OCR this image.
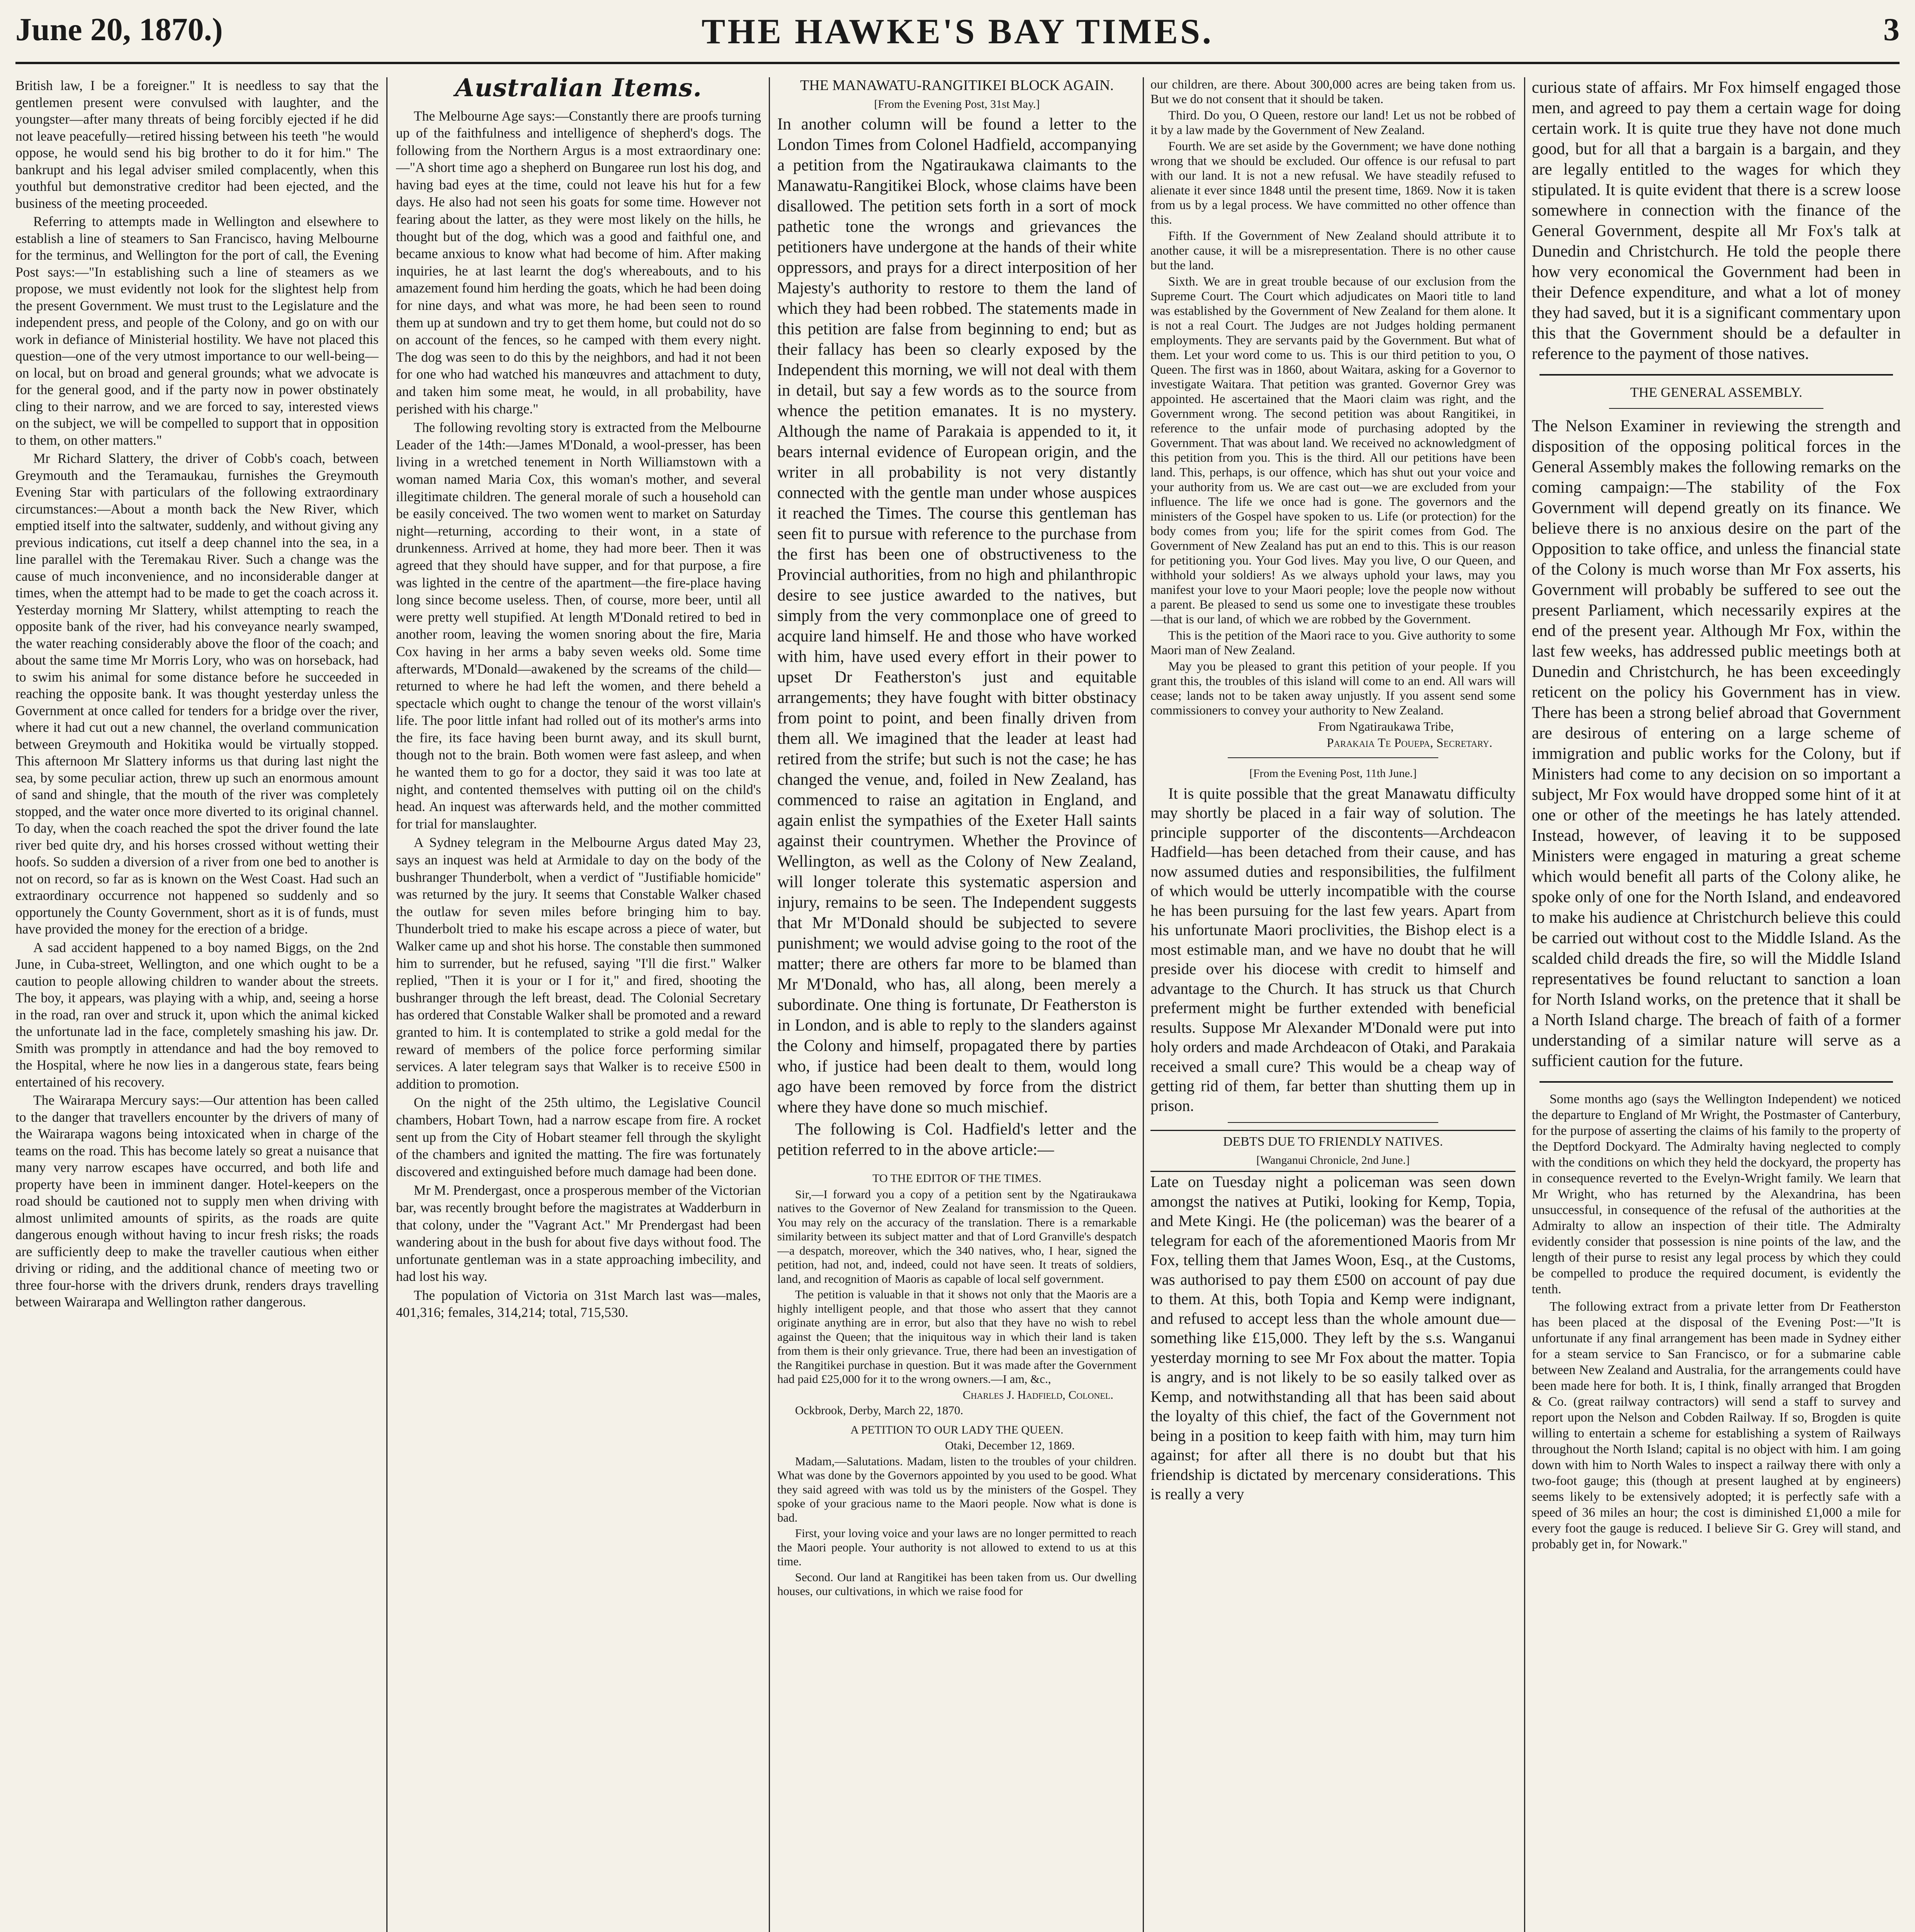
June 20, 1870.)	THE HAWKE'S BAY TIMES.	3

British law, I be a foreigner." It is needless to say that the gentlemen present were convulsed with laughter, and the youngster—after many threats of being forcibly ejected if he did not leave peacefully—retired hissing between his teeth "he would oppose, he would send his big brother to do it for him." The bankrupt and his legal adviser smiled complacently, when this youthful but demonstrative creditor had been ejected, and the business of the meeting proceeded.

Referring to attempts made in Wellington and elsewhere to establish a line of steamers to San Francisco, having Melbourne for the terminus, and Wellington for the port of call, the Evening Post says:—"In establishing such a line of steamers as we propose, we must evidently not look for the slightest help from the present Government. We must trust to the Legislature and the independent press, and people of the Colony, and go on with our work in defiance of Ministerial hostility. We have not placed this question—one of the very utmost importance to our well-being—on local, but on broad and general grounds; what we advocate is for the general good, and if the party now in power obstinately cling to their narrow, and we are forced to say, interested views on the subject, we will be compelled to support that in opposition to them, on other matters."

Mr Richard Slattery, the driver of Cobb's coach, between Greymouth and the Teramaukau, furnishes the Greymouth Evening Star with particulars of the following extraordinary circumstances:—About a month back the New River, which emptied itself into the saltwater, suddenly, and without giving any previous indications, cut itself a deep channel into the sea, in a line parallel with the Teremakau River. Such a change was the cause of much inconvenience, and no inconsiderable danger at times, when the attempt had to be made to get the coach across it. Yesterday morning Mr Slattery, whilst attempting to reach the opposite bank of the river, had his conveyance nearly swamped, the water reaching considerably above the floor of the coach; and about the same time Mr Morris Lory, who was on horseback, had to swim his animal for some distance before he succeeded in reaching the opposite bank. It was thought yesterday unless the Government at once called for tenders for a bridge over the river, where it had cut out a new channel, the overland communication between Greymouth and Hokitika would be virtually stopped. This afternoon Mr Slattery informs us that during last night the sea, by some peculiar action, threw up such an enormous amount of sand and shingle, that the mouth of the river was completely stopped, and the water once more diverted to its original channel. To day, when the coach reached the spot the driver found the late river bed quite dry, and his horses crossed without wetting their hoofs. So sudden a diversion of a river from one bed to another is not on record, so far as is known on the West Coast. Had such an extraordinary occurrence not happened so suddenly and so opportunely the County Government, short as it is of funds, must have provided the money for the erection of a bridge.

A sad accident happened to a boy named Biggs, on the 2nd June, in Cuba-street, Wellington, and one which ought to be a caution to people allowing children to wander about the streets. The boy, it appears, was playing with a whip, and, seeing a horse in the road, ran over and struck it, upon which the animal kicked the unfortunate lad in the face, completely smashing his jaw. Dr. Smith was promptly in attendance and had the boy removed to the Hospital, where he now lies in a dangerous state, fears being entertained of his recovery.

The Wairarapa Mercury says:—Our attention has been called to the danger that travellers encounter by the drivers of many of the Wairarapa wagons being intoxicated when in charge of the teams on the road. This has become lately so great a nuisance that many very narrow escapes have occurred, and both life and property have been in imminent danger. Hotel-keepers on the road should be cautioned not to supply men when driving with almost unlimited amounts of spirits, as the roads are quite dangerous enough without having to incur fresh risks; the roads are sufficiently deep to make the traveller cautious when either driving or riding, and the additional chance of meeting two or three four-horse with the drivers drunk, renders drays travelling between Wairarapa and Wellington rather dangerous.

Australian Items.

The Melbourne Age says:—Constantly there are proofs turning up of the faithfulness and intelligence of shepherd's dogs. The following from the Northern Argus is a most extraordinary one:—"A short time ago a shepherd on Bungaree run lost his dog, and having bad eyes at the time, could not leave his hut for a few days. He also had not seen his goats for some time. However not fearing about the latter, as they were most likely on the hills, he thought but of the dog, which was a good and faithful one, and became anxious to know what had become of him. After making inquiries, he at last learnt the dog's whereabouts, and to his amazement found him herding the goats, which he had been doing for nine days, and what was more, he had been seen to round them up at sundown and try to get them home, but could not do so on account of the fences, so he camped with them every night. The dog was seen to do this by the neighbors, and had it not been for one who had watched his manœuvres and attachment to duty, and taken him some meat, he would, in all probability, have perished with his charge."

The following revolting story is extracted from the Melbourne Leader of the 14th:—James M'Donald, a wool-presser, has been living in a wretched tenement in North Williamstown with a woman named Maria Cox, this woman's mother, and several illegitimate children. The general morale of such a household can be easily conceived. The two women went to market on Saturday night—returning, according to their wont, in a state of drunkenness. Arrived at home, they had more beer. Then it was agreed that they should have supper, and for that purpose, a fire was lighted in the centre of the apartment—the fire-place having long since become useless. Then, of course, more beer, until all were pretty well stupified. At length M'Donald retired to bed in another room, leaving the women snoring about the fire, Maria Cox having in her arms a baby seven weeks old. Some time afterwards, M'Donald—awakened by the screams of the child—returned to where he had left the women, and there beheld a spectacle which ought to change the tenour of the worst villain's life. The poor little infant had rolled out of its mother's arms into the fire, its face having been burnt away, and its skull burnt, though not to the brain. Both women were fast asleep, and when he wanted them to go for a doctor, they said it was too late at night, and contented themselves with putting oil on the child's head. An inquest was afterwards held, and the mother committed for trial for manslaughter.

A Sydney telegram in the Melbourne Argus dated May 23, says an inquest was held at Armidale to day on the body of the bushranger Thunderbolt, when a verdict of "Justifiable homicide" was returned by the jury. It seems that Constable Walker chased the outlaw for seven miles before bringing him to bay. Thunderbolt tried to make his escape across a piece of water, but Walker came up and shot his horse. The constable then summoned him to surrender, but he refused, saying "I'll die first." Walker replied, "Then it is your or I for it," and fired, shooting the bushranger through the left breast, dead. The Colonial Secretary has ordered that Constable Walker shall be promoted and a reward granted to him. It is contemplated to strike a gold medal for the reward of members of the police force performing similar services. A later telegram says that Walker is to receive £500 in addition to promotion.

On the night of the 25th ultimo, the Legislative Council chambers, Hobart Town, had a narrow escape from fire. A rocket sent up from the City of Hobart steamer fell through the skylight of the chambers and ignited the matting. The fire was fortunately discovered and extinguished before much damage had been done.

Mr M. Prendergast, once a prosperous member of the Victorian bar, was recently brought before the magistrates at Wadderburn in that colony, under the "Vagrant Act." Mr Prendergast had been wandering about in the bush for about five days without food. The unfortunate gentleman was in a state approaching imbecility, and had lost his way.

The population of Victoria on 31st March last was—males, 401,316; females, 314,214; total, 715,530.

THE MANAWATU-RANGITIKEI BLOCK AGAIN.

[From the Evening Post, 31st May.]

In another column will be found a letter to the London Times from Colonel Hadfield, accompanying a petition from the Ngatiraukawa claimants to the Manawatu-Rangitikei Block, whose claims have been disallowed. The petition sets forth in a sort of mock pathetic tone the wrongs and grievances the petitioners have undergone at the hands of their white oppressors, and prays for a direct interposition of her Majesty's authority to restore to them the land of which they had been robbed. The statements made in this petition are false from beginning to end; but as their fallacy has been so clearly exposed by the Independent this morning, we will not deal with them in detail, but say a few words as to the source from whence the petition emanates. It is no mystery. Although the name of Parakaia is appended to it, it bears internal evidence of European origin, and the writer in all probability is not very distantly connected with the gentle man under whose auspices it reached the Times. The course this gentleman has seen fit to pursue with reference to the purchase from the first has been one of obstructiveness to the Provincial authorities, from no high and philanthropic desire to see justice awarded to the natives, but simply from the very commonplace one of greed to acquire land himself. He and those who have worked with him, have used every effort in their power to upset Dr Featherston's just and equitable arrangements; they have fought with bitter obstinacy from point to point, and been finally driven from them all. We imagined that the leader at least had retired from the strife; but such is not the case; he has changed the venue, and, foiled in New Zealand, has commenced to raise an agitation in England, and again enlist the sympathies of the Exeter Hall saints against their countrymen. Whether the Province of Wellington, as well as the Colony of New Zealand, will longer tolerate this systematic aspersion and injury, remains to be seen. The Independent suggests that Mr M'Donald should be subjected to severe punishment; we would advise going to the root of the matter; there are others far more to be blamed than Mr M'Donald, who has, all along, been merely a subordinate. One thing is fortunate, Dr Featherston is in London, and is able to reply to the slanders against the Colony and himself, propagated there by parties who, if justice had been dealt to them, would long ago have been removed by force from the district where they have done so much mischief.

The following is Col. Hadfield's letter and the petition referred to in the above article:—

TO THE EDITOR OF THE TIMES.

Sir,—I forward you a copy of a petition sent by the Ngatiraukawa natives to the Governor of New Zealand for transmission to the Queen. You may rely on the accuracy of the translation. There is a remarkable similarity between its subject matter and that of Lord Granville's despatch—a despatch, moreover, which the 340 natives, who, I hear, signed the petition, had not, and, indeed, could not have seen. It treats of soldiers, land, and recognition of Maoris as capable of local self government.

The petition is valuable in that it shows not only that the Maoris are a highly intelligent people, and that those who assert that they cannot originate anything are in error, but also that they have no wish to rebel against the Queen; that the iniquitous way in which their land is taken from them is their only grievance. True, there had been an investigation of the Rangitikei purchase in question. But it was made after the Government had paid £25,000 for it to the wrong owners.—I am, &c.,

Charles J. Hadfield, Colonel.

Ockbrook, Derby, March 22, 1870.

A PETITION TO OUR LADY THE QUEEN.

Otaki, December 12, 1869.

Madam,—Salutations. Madam, listen to the troubles of your children. What was done by the Governors appointed by you used to be good. What they said agreed with was told us by the ministers of the Gospel. They spoke of your gracious name to the Maori people. Now what is done is bad.

First, your loving voice and your laws are no longer permitted to reach the Maori people. Your authority is not allowed to extend to us at this time.

Second. Our land at Rangitikei has been taken from us. Our dwelling houses, our cultivations, in which we raise food for

our children, are there. About 300,000 acres are being taken from us. But we do not consent that it should be taken.

Third. Do you, O Queen, restore our land! Let us not be robbed of it by a law made by the Government of New Zealand.

Fourth. We are set aside by the Government; we have done nothing wrong that we should be excluded. Our offence is our refusal to part with our land. It is not a new refusal. We have steadily refused to alienate it ever since 1848 until the present time, 1869. Now it is taken from us by a legal process. We have committed no other offence than this.

Fifth. If the Government of New Zealand should attribute it to another cause, it will be a misrepresentation. There is no other cause but the land.

Sixth. We are in great trouble because of our exclusion from the Supreme Court. The Court which adjudicates on Maori title to land was established by the Government of New Zealand for them alone. It is not a real Court. The Judges are not Judges holding permanent employments. They are servants paid by the Government. But what of them. Let your word come to us. This is our third petition to you, O Queen. The first was in 1860, about Waitara, asking for a Governor to investigate Waitara. That petition was granted. Governor Grey was appointed. He ascertained that the Maori claim was right, and the Government wrong. The second petition was about Rangitikei, in reference to the unfair mode of purchasing adopted by the Government. That was about land. We received no acknowledgment of this petition from you. This is the third. All our petitions have been land. This, perhaps, is our offence, which has shut out your voice and your authority from us. We are cast out—we are excluded from your influence. The life we once had is gone. The governors and the ministers of the Gospel have spoken to us. Life (or protection) for the body comes from you; life for the spirit comes from God. The Government of New Zealand has put an end to this. This is our reason for petitioning you. Your God lives. May you live, O our Queen, and withhold your soldiers! As we always uphold your laws, may you manifest your love to your Maori people; love the people now without a parent. Be pleased to send us some one to investigate these troubles—that is our land, of which we are robbed by the Government.

This is the petition of the Maori race to you. Give authority to some Maori man of New Zealand.

May you be pleased to grant this petition of your people. If you grant this, the troubles of this island will come to an end. All wars will cease; lands not to be taken away unjustly. If you assent send some commissioners to convey your authority to New Zealand.

From Ngatiraukawa Tribe,

Parakaia Te Pouepa, Secretary.

[From the Evening Post, 11th June.]

It is quite possible that the great Manawatu difficulty may shortly be placed in a fair way of solution. The principle supporter of the discontents—Archdeacon Hadfield—has been detached from their cause, and has now assumed duties and responsibilities, the fulfilment of which would be utterly incompatible with the course he has been pursuing for the last few years. Apart from his unfortunate Maori proclivities, the Bishop elect is a most estimable man, and we have no doubt that he will preside over his diocese with credit to himself and advantage to the Church. It has struck us that Church preferment might be further extended with beneficial results. Suppose Mr Alexander M'Donald were put into holy orders and made Archdeacon of Otaki, and Parakaia received a small cure? This would be a cheap way of getting rid of them, far better than shutting them up in prison.

DEBTS DUE TO FRIENDLY NATIVES.

[Wanganui Chronicle, 2nd June.]

Late on Tuesday night a policeman was seen down amongst the natives at Putiki, looking for Kemp, Topia, and Mete Kingi. He (the policeman) was the bearer of a telegram for each of the aforementioned Maoris from Mr Fox, telling them that James Woon, Esq., at the Customs, was authorised to pay them £500 on account of pay due to them. At this, both Topia and Kemp were indignant, and refused to accept less than the whole amount due—something like £15,000. They left by the s.s. Wanganui yesterday morning to see Mr Fox about the matter. Topia is angry, and is not likely to be so easily talked over as Kemp, and notwithstanding all that has been said about the loyalty of this chief, the fact of the Government not being in a position to keep faith with him, may turn him against; for after all there is no doubt but that his friendship is dictated by mercenary considerations. This is really a very

curious state of affairs. Mr Fox himself engaged those men, and agreed to pay them a certain wage for doing certain work. It is quite true they have not done much good, but for all that a bargain is a bargain, and they are legally entitled to the wages for which they stipulated. It is quite evident that there is a screw loose somewhere in connection with the finance of the General Government, despite all Mr Fox's talk at Dunedin and Christchurch. He told the people there how very economical the Government had been in their Defence expenditure, and what a lot of money they had saved, but it is a significant commentary upon this that the Government should be a defaulter in reference to the payment of those natives.

THE GENERAL ASSEMBLY.

The Nelson Examiner in reviewing the strength and disposition of the opposing political forces in the General Assembly makes the following remarks on the coming campaign:—The stability of the Fox Government will depend greatly on its finance. We believe there is no anxious desire on the part of the Opposition to take office, and unless the financial state of the Colony is much worse than Mr Fox asserts, his Government will probably be suffered to see out the present Parliament, which necessarily expires at the end of the present year. Although Mr Fox, within the last few weeks, has addressed public meetings both at Dunedin and Christchurch, he has been exceedingly reticent on the policy his Government has in view. There has been a strong belief abroad that Government are desirous of entering on a large scheme of immigration and public works for the Colony, but if Ministers had come to any decision on so important a subject, Mr Fox would have dropped some hint of it at one or other of the meetings he has lately attended. Instead, however, of leaving it to be supposed Ministers were engaged in maturing a great scheme which would benefit all parts of the Colony alike, he spoke only of one for the North Island, and endeavored to make his audience at Christchurch believe this could be carried out without cost to the Middle Island. As the scalded child dreads the fire, so will the Middle Island representatives be found reluctant to sanction a loan for North Island works, on the pretence that it shall be a North Island charge. The breach of faith of a former understanding of a similar nature will serve as a sufficient caution for the future.

Some months ago (says the Wellington Independent) we noticed the departure to England of Mr Wright, the Postmaster of Canterbury, for the purpose of asserting the claims of his family to the property of the Deptford Dockyard. The Admiralty having neglected to comply with the conditions on which they held the dockyard, the property has in consequence reverted to the Evelyn-Wright family. We learn that Mr Wright, who has returned by the Alexandrina, has been unsuccessful, in consequence of the refusal of the authorities at the Admiralty to allow an inspection of their title. The Admiralty evidently consider that possession is nine points of the law, and the length of their purse to resist any legal process by which they could be compelled to produce the required document, is evidently the tenth.

The following extract from a private letter from Dr Featherston has been placed at the disposal of the Evening Post:—"It is unfortunate if any final arrangement has been made in Sydney either for a steam service to San Francisco, or for a submarine cable between New Zealand and Australia, for the arrangements could have been made here for both. It is, I think, finally arranged that Brogden & Co. (great railway contractors) will send a staff to survey and report upon the Nelson and Cobden Railway. If so, Brogden is quite willing to entertain a scheme for establishing a system of Railways throughout the North Island; capital is no object with him. I am going down with him to North Wales to inspect a railway there with only a two-foot gauge; this (though at present laughed at by engineers) seems likely to be extensively adopted; it is perfectly safe with a speed of 36 miles an hour; the cost is diminished £1,000 a mile for every foot the gauge is reduced. I believe Sir G. Grey will stand, and probably get in, for Nowark."
